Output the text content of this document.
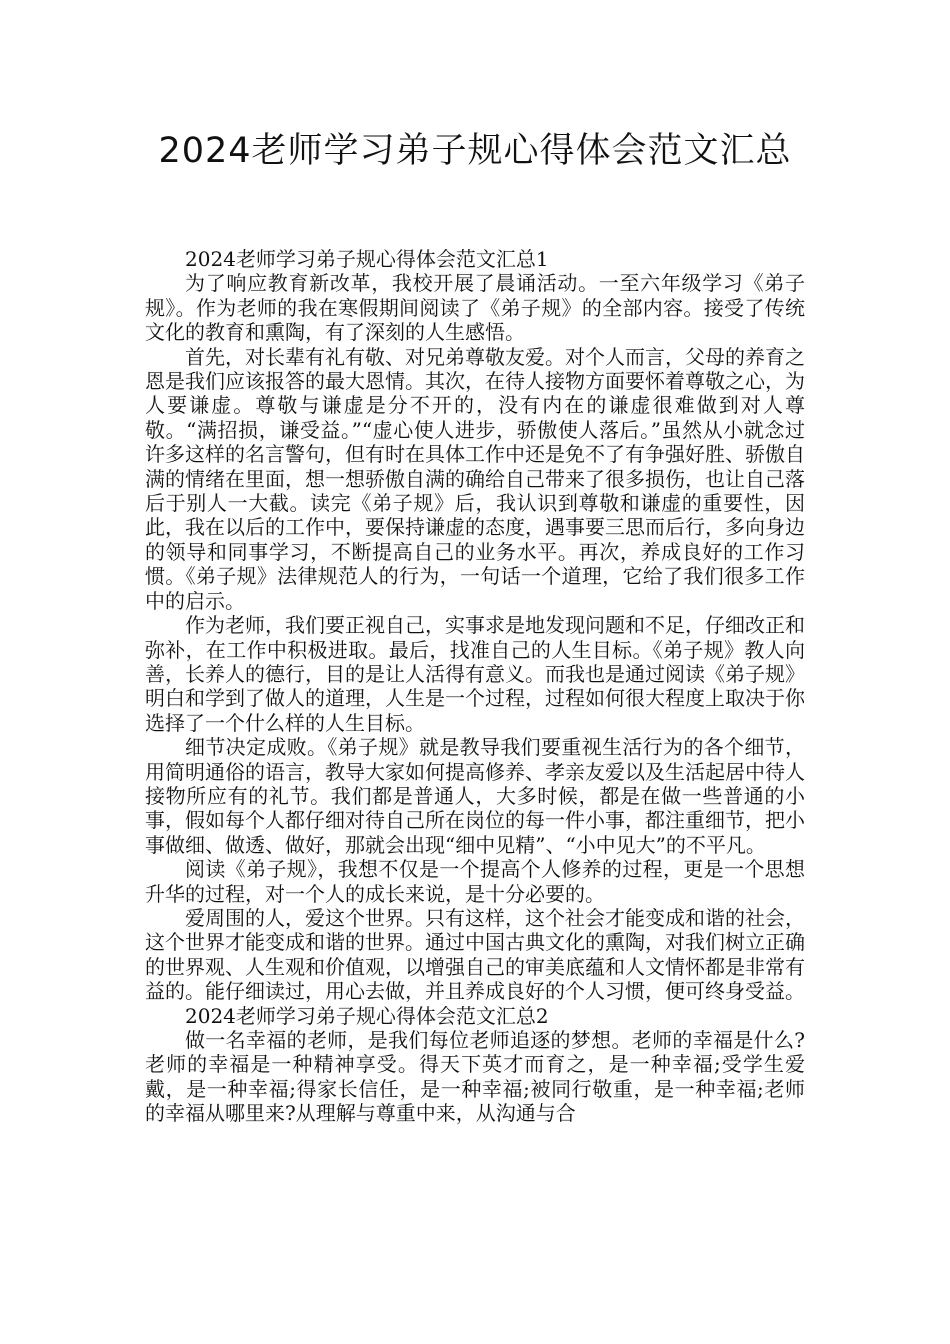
2024老师学习弟子规心得体会范文汇总
2024老师学习弟子规心得体会范文汇总1

为了响应教育新改革，我校开展了晨诵活动。一至六年级学习《弟子规》。作为老师的我在寒假期间阅读了《弟子规》的全部内容。接受了传统文化的教育和熏陶，有了深刻的人生感悟。

首先，对长辈有礼有敬、对兄弟尊敬友爱。对个人而言，父母的养育之恩是我们应该报答的最大恩情。其次，在待人接物方面要怀着尊敬之心，为人要谦虚。尊敬与谦虚是分不开的，没有内在的谦虚很难做到对人尊敬。“满招损，谦受益。”“虚心使人进步，骄傲使人落后。”虽然从小就念过许多这样的名言警句，但有时在具体工作中还是免不了有争强好胜、骄傲自满的情绪在里面，想一想骄傲自满的确给自己带来了很多损伤，也让自己落后于别人一大截。读完《弟子规》后，我认识到尊敬和谦虚的重要性，因此，我在以后的工作中，要保持谦虚的态度，遇事要三思而后行，多向身边的领导和同事学习，不断提高自己的业务水平。再次，养成良好的工作习惯。《弟子规》法律规范人的行为，一句话一个道理，它给了我们很多工作中的启示。

作为老师，我们要正视自己，实事求是地发现问题和不足，仔细改正和弥补，在工作中积极进取。最后，找准自己的人生目标。《弟子规》教人向善，长养人的德行，目的是让人活得有意义。而我也是通过阅读《弟子规》明白和学到了做人的道理，人生是一个过程，过程如何很大程度上取决于你选择了一个什么样的人生目标。

细节决定成败。《弟子规》就是教导我们要重视生活行为的各个细节，用简明通俗的语言，教导大家如何提高修养、孝亲友爱以及生活起居中待人接物所应有的礼节。我们都是普通人，大多时候，都是在做一些普通的小事，假如每个人都仔细对待自己所在岗位的每一件小事，都注重细节，把小事做细、做透、做好，那就会出现“细中见精”、“小中见大”的不平凡。

阅读《弟子规》，我想不仅是一个提高个人修养的过程，更是一个思想升华的过程，对一个人的成长来说，是十分必要的。

爱周围的人，爱这个世界。只有这样，这个社会才能变成和谐的社会，这个世界才能变成和谐的世界。通过中国古典文化的熏陶，对我们树立正确的世界观、人生观和价值观，以增强自己的审美底蕴和人文情怀都是非常有益的。能仔细读过，用心去做，并且养成良好的个人习惯，便可终身受益。

2024老师学习弟子规心得体会范文汇总2

做一名幸福的老师，是我们每位老师追逐的梦想。老师的幸福是什么?老师的幸福是一种精神享受。得天下英才而育之，是一种幸福;受学生爱戴，是一种幸福;得家长信任，是一种幸福;被同行敬重，是一种幸福;老师的幸福从哪里来?从理解与尊重中来，从沟通与合
